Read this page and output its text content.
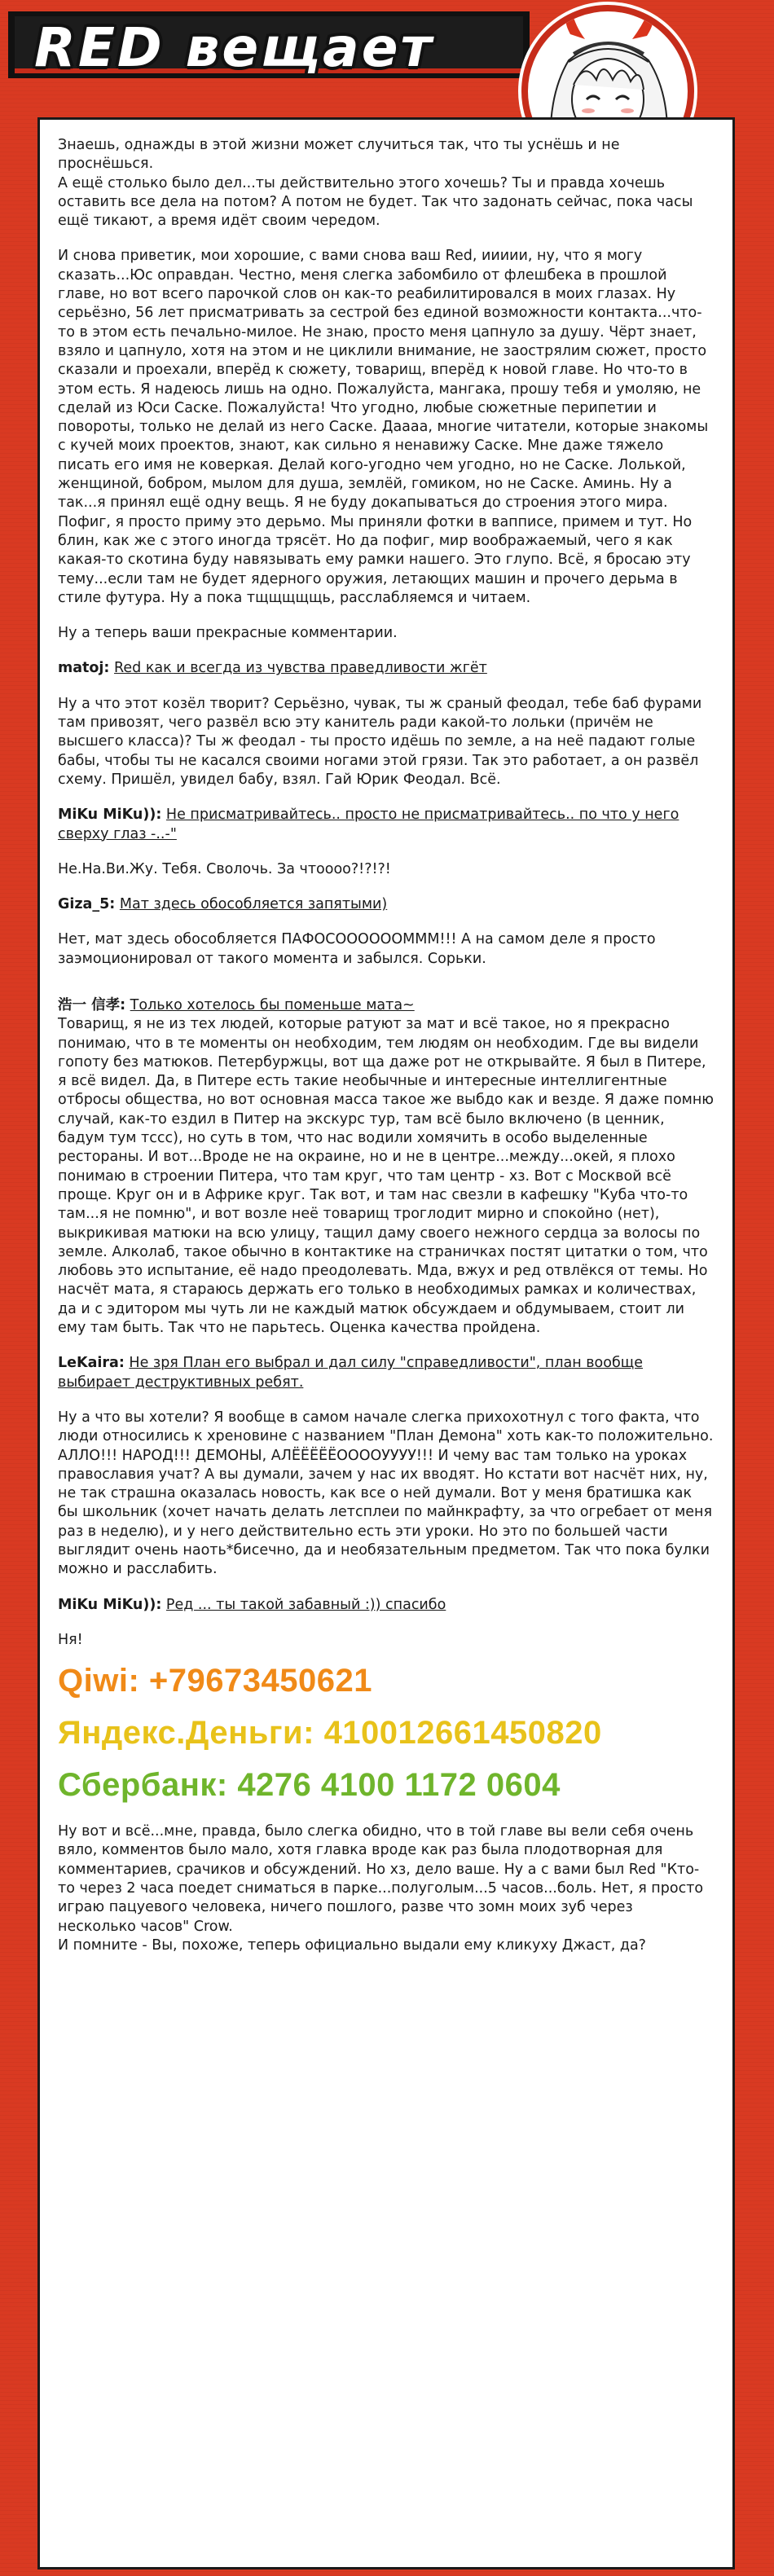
RED вещает

Знаешь, однажды в этой жизни может случиться так, что ты уснёшь и не проснёшься.
А ещё столько было дел...ты действительно этого хочешь? Ты и правда хочешь оставить все дела на потом? А потом не будет. Так что задонать сейчас, пока часы ещё тикают, а время идёт своим чередом.

И снова приветик, мои хорошие, с вами снова ваш Red, иииии, ну, что я могу сказать...Юс оправдан. Честно, меня слегка забомбило от флешбека в прошлой главе, но вот всего парочкой слов он как-то реабилитировался в моих глазах. Ну серьёзно, 56 лет присматривать за сестрой без единой возможности контакта...что-то в этом есть печально-милое. Не знаю, просто меня цапнуло за душу. Чёрт знает, взяло и цапнуло, хотя на этом и не циклили внимание, не заострялим сюжет, просто сказали и проехали, вперёд к сюжету, товарищ, вперёд к новой главе. Но что-то в этом есть. Я надеюсь лишь на одно. Пожалуйста, мангака, прошу тебя и умоляю, не сделай из Юси Саске. Пожалуйста! Что угодно, любые сюжетные перипетии и повороты, только не делай из него Саске. Даааа, многие читатели, которые знакомы с кучей моих проектов, знают, как сильно я ненавижу Саске. Мне даже тяжело писать его имя не коверкая. Делай кого-угодно чем угодно, но не Саске. Лолькой, женщиной, бобром, мылом для душа, землёй, гомиком, но не Саске. Аминь. Ну а так...я принял ещё одну вещь. Я не буду докапываться до строения этого мира. Пофиг, я просто приму это дерьмо. Мы приняли фотки в вапписе, примем и тут. Но блин, как же с этого иногда трясёт. Но да пофиг, мир воображаемый, чего я как какая-то скотина буду навязывать ему рамки нашего. Это глупо. Всё, я бросаю эту тему...если там не будет ядерного оружия, летающих машин и прочего дерьма в стиле футура. Ну а пока тщщщщщь, расслабляемся и читаем.

Ну а теперь ваши прекрасные комментарии.

matoj: Red как и всегда из чувства праведливости жгёт

Ну а что этот козёл творит? Серьёзно, чувак, ты ж сраный феодал, тебе баб фурами там привозят, чего развёл всю эту канитель ради какой-то лольки (причём не высшего класса)? Ты ж феодал - ты просто идёшь по земле, а на неё падают голые бабы, чтобы ты не касался своими ногами этой грязи. Так это работает, а он развёл схему. Пришёл, увидел бабу, взял. Гай Юрик Феодал. Всё.

MiKu MiKu)): Не присматривайтесь.. просто не присматривайтесь.. по что у него сверху глаз -..-"

Не.На.Ви.Жу. Тебя. Сволочь. За чтоооо?!?!?!

Giza_5: Мат здесь обособляется запятыми)

Нет, мат здесь обособляется ПАФОСООООООМММ!!! А на самом деле я просто заэмоционировал от такого момента и забылся. Сорьки.

浩一 信孝: Только хотелось бы поменьше мата~

Товарищ, я не из тех людей, которые ратуют за мат и всё такое, но я прекрасно понимаю, что в те моменты он необходим, тем людям он необходим. Где вы видели гопоту без матюков. Петербуржцы, вот ща даже рот не открывайте. Я был в Питере, я всё видел. Да, в Питере есть такие необычные и интересные интеллигентные отбросы общества, но вот основная масса такое же выбдо как и везде. Я даже помню случай, как-то ездил в Питер на экскурс тур, там всё было включено (в ценник, бадум тум тссс), но суть в том, что нас водили хомячить в особо выделенные рестораны. И вот...Вроде не на окраине, но и не в центре...между...окей, я плохо понимаю в строении Питера, что там круг, что там центр - хз. Вот с Москвой всё проще. Круг он и в Африке круг. Так вот, и там нас свезли в кафешку "Куба что-то там...я не помню", и вот возле неё товарищ троглодит мирно и спокойно (нет), выкрикивая матюки на всю улицу, тащил даму своего нежного сердца за волосы по земле. Алколаб, такое обычно в контактике на страничках постят цитатки о том, что любовь это испытание, её надо преодолевать. Мда, вжух и ред отвлёкся от темы. Но насчёт мата, я стараюсь держать его только в необходимых рамках и количествах, да и с эдитором мы чуть ли не каждый матюк обсуждаем и обдумываем, стоит ли ему там быть. Так что не парьтесь. Оценка качества пройдена.

LeKaira: Не зря План его выбрал и дал силу "справедливости", план вообще выбирает деструктивных ребят.

Ну а что вы хотели? Я вообще в самом начале слегка прихохотнул с того факта, что люди относились к хреновине с названием "План Демона" хоть как-то положительно. АЛЛО!!! НАРОД!!! ДЕМОНЫ, АЛЁЁЁЁЁООООУУУУ!!! И чему вас там только на уроках православия учат? А вы думали, зачем у нас их вводят. Но кстати вот насчёт них, ну, не так страшна оказалась новость, как все о ней думали. Вот у меня братишка как бы школьник (хочет начать делать летсплеи по майнкрафту, за что огребает от меня раз в неделю), и у него действительно есть эти уроки. Но это по большей части выглядит очень наоть*бисечно, да и необязательным предметом. Так что пока булки можно и расслабить.

MiKu MiKu)): Ред ... ты такой забавный :)) спасибо

Ня!

Qiwi: +79673450621
Яндекс.Деньги: 410012661450820
Сбербанк: 4276 4100 1172 0604

Ну вот и всё...мне, правда, было слегка обидно, что в той главе вы вели себя очень вяло, комментов было мало, хотя главка вроде как раз была плодотворная для комментариев, срачиков и обсуждений. Но хз, дело ваше. Ну а с вами был Red "Кто-то через 2 часа поедет сниматься в парке...полуголым...5 часов...боль. Нет, я просто играю пацуевого человека, ничего пошлого, разве что зомн моих зуб через несколько часов" Crow.

И помните - Вы, похоже, теперь официально выдали ему кликуху Джаст, да?
